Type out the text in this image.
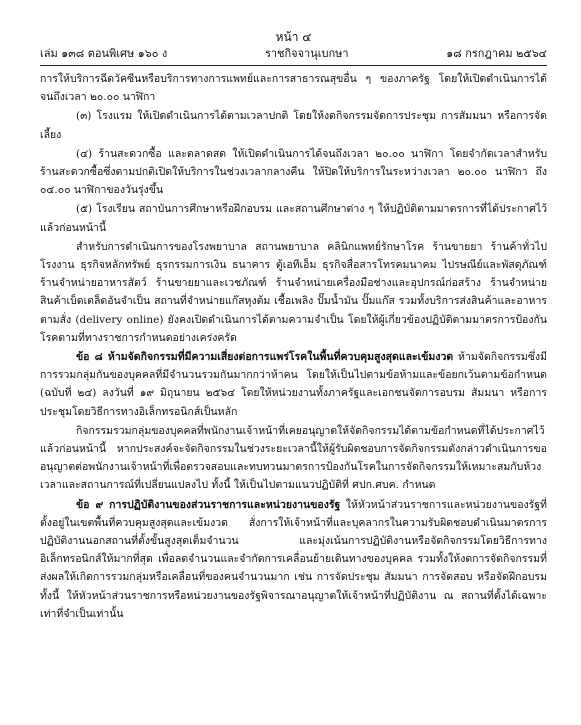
หน้า ๔
เล่ม ๑๓๘ ตอนพิเศษ ๑๖๐ ง	ราชกิจจานุเบกษา	๑๘ กรกฎาคม ๒๕๖๔

การให้บริการฉีดวัคซีนหรือบริการทางการแพทย์และการสาธารณสุขอื่น ๆ ของภาครัฐ โดยให้เปิดดำเนินการได้จนถึงเวลา ๒๐.๐๐ นาฬิกา

(๓) โรงแรม ให้เปิดดำเนินการได้ตามเวลาปกติ โดยให้งดกิจกรรมจัดการประชุม การสัมมนา หรือการจัดเลี้ยง

(๔) ร้านสะดวกซื้อ และตลาดสด ให้เปิดดำเนินการได้จนถึงเวลา ๒๐.๐๐ นาฬิกา โดยจำกัดเวลาสำหรับร้านสะดวกซื้อซึ่งตามปกติเปิดให้บริการในช่วงเวลากลางคืน ให้ปิดให้บริการในระหว่างเวลา ๒๐.๐๐ นาฬิกา ถึง ๐๔.๐๐ นาฬิกาของวันรุ่งขึ้น

(๕) โรงเรียน สถาบันการศึกษาหรือฝึกอบรม และสถานศึกษาต่าง ๆ ให้ปฏิบัติตามมาตรการที่ได้ประกาศไว้แล้วก่อนหน้านี้

สำหรับการดำเนินการของโรงพยาบาล สถานพยาบาล คลินิกแพทย์รักษาโรค ร้านขายยา ร้านค้าทั่วไป โรงงาน ธุรกิจหลักทรัพย์ ธุรกรรมการเงิน ธนาคาร ตู้เอทีเอ็ม ธุรกิจสื่อสารโทรคมนาคม ไปรษณีย์และพัสดุภัณฑ์ ร้านจำหน่ายอาหารสัตว์ ร้านขายยาและเวชภัณฑ์ ร้านจำหน่ายเครื่องมือช่างและอุปกรณ์ก่อสร้าง ร้านจำหน่ายสินค้าเบ็ดเตล็ดอันจำเป็น สถานที่จำหน่ายแก๊สหุงต้ม เชื้อเพลิง ปั๊มน้ำมัน ปั๊มแก๊ส รวมทั้งบริการส่งสินค้าและอาหารตามสั่ง (delivery online) ยังคงเปิดดำเนินการได้ตามความจำเป็น โดยให้ผู้เกี่ยวข้องปฏิบัติตามมาตรการป้องกันโรคตามที่ทางราชการกำหนดอย่างเคร่งครัด

ข้อ ๘ ห้ามจัดกิจกรรมที่มีความเสี่ยงต่อการแพร่โรคในพื้นที่ควบคุมสูงสุดและเข้มงวด ห้ามจัดกิจกรรมซึ่งมีการรวมกลุ่มกันของบุคคลที่มีจำนวนรวมกันมากกว่าห้าคน โดยให้เป็นไปตามข้อห้ามและข้อยกเว้นตามข้อกำหนด (ฉบับที่ ๒๔) ลงวันที่ ๑๙ มิถุนายน ๒๕๖๔ โดยให้หน่วยงานทั้งภาครัฐและเอกชนจัดการอบรม สัมมนา หรือการประชุมโดยวิธีการทางอิเล็กทรอนิกส์เป็นหลัก

กิจกรรมรวมกลุ่มของบุคคลที่พนักงานเจ้าหน้าที่เคยอนุญาตให้จัดกิจกรรมได้ตามข้อกำหนดที่ได้ประกาศไว้แล้วก่อนหน้านี้ หากประสงค์จะจัดกิจกรรมในช่วงระยะเวลานี้ให้ผู้รับผิดชอบการจัดกิจกรรมดังกล่าวดำเนินการขออนุญาตต่อพนักงานเจ้าหน้าที่เพื่อตรวจสอบและทบทวนมาตรการป้องกันโรคในการจัดกิจกรรมให้เหมาะสมกับห้วงเวลาและสถานการณ์ที่เปลี่ยนแปลงไป ทั้งนี้ ให้เป็นไปตามแนวปฏิบัติที่ ศปก.ศบค. กำหนด

ข้อ ๙ การปฏิบัติงานของส่วนราชการและหน่วยงานของรัฐ ให้หัวหน้าส่วนราชการและหน่วยงานของรัฐที่ตั้งอยู่ในเขตพื้นที่ควบคุมสูงสุดและเข้มงวด สั่งการให้เจ้าหน้าที่และบุคลากรในความรับผิดชอบดำเนินมาตรการปฏิบัติงานนอกสถานที่ตั้งขั้นสูงสุดเต็มจำนวน และมุ่งเน้นการปฏิบัติงานหรือจัดกิจกรรมโดยวิธีการทางอิเล็กทรอนิกส์ให้มากที่สุด เพื่อลดจำนวนและจำกัดการเคลื่อนย้ายเดินทางของบุคคล รวมทั้งให้งดการจัดกิจกรรมที่ส่งผลให้เกิดการรวมกลุ่มหรือเคลื่อนที่ของคนจำนวนมาก เช่น การจัดประชุม สัมมนา การจัดสอบ หรือจัดฝึกอบรม ทั้งนี้ ให้หัวหน้าส่วนราชการหรือหน่วยงานของรัฐพิจารณาอนุญาตให้เจ้าหน้าที่ปฏิบัติงาน ณ สถานที่ตั้งได้เฉพาะเท่าที่จำเป็นเท่านั้น
